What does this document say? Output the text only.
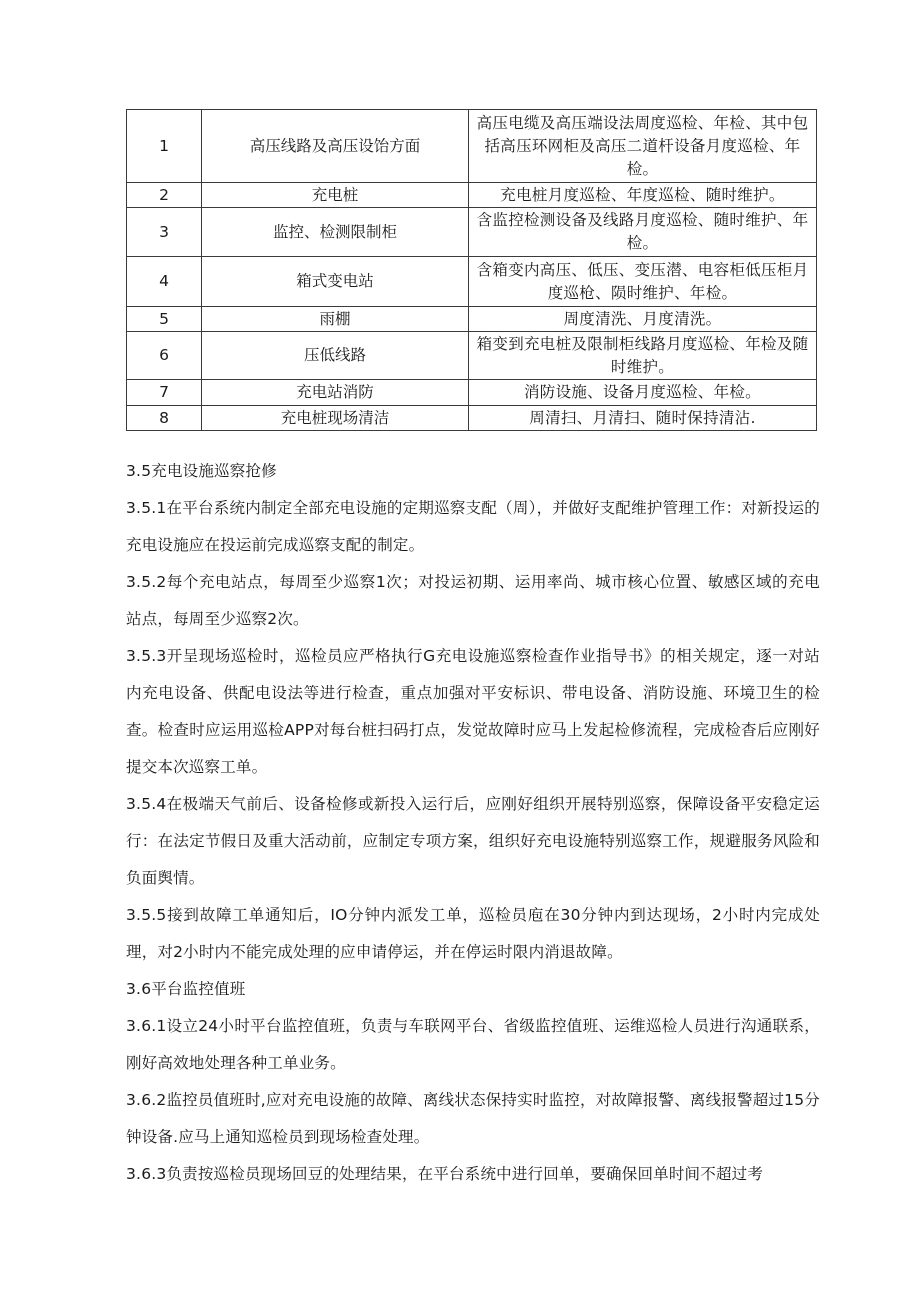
1	高压线路及高压设饴方面	高压电缆及高压端设法周度巡检、年检、其中包括高压环网柜及高压二道杆设备月度巡检、年检。
2	充电桩	充电桩月度巡检、年度巡检、随时维护。
3	监控、检测限制柜	含监控检测设备及线路月度巡检、随时维护、年检。
4	箱式变电站	含箱变内高压、低压、变压潜、电容柜低压柜月度巡枪、陨时维护、年检。
5	雨棚	周度清洗、月度清洗。
6	压低线路	箱变到充电桩及限制柜线路月度巡检、年检及随时维护。
7	充电站消防	消防设施、设备月度巡检、年检。
8	充电桩现场清洁	周清扫、月清扫、随时保持清沾.

3.5充电设施巡察抢修

3.5.1在平台系统内制定全部充电设施的定期巡察支配（周），并做好支配维护管理工作：对新投运的充电设施应在投运前完成巡察支配的制定。

3.5.2每个充电站点，每周至少巡察1次；对投运初期、运用率尚、城市核心位置、敏感区域的充电站点，每周至少巡察2次。

3.5.3开呈现场巡检时，巡检员应严格执行G充电设施巡察检查作业指导书》的相关规定，逐一对站内充电设备、供配电设法等进行检查，重点加强对平安标识、带电设备、消防设施、环境卫生的检查。检查时应运用巡检APP对每台桩扫码打点，发觉故障时应马上发起检修流程，完成检杳后应刚好提交本次巡察工单。

3.5.4在极端天气前后、设备检修或新投入运行后，应刚好组织开展特别巡察，保障设备平安稳定运行：在法定节假日及重大活动前，应制定专项方案，组织好充电设施特别巡察工作，规避服务风险和负面舆情。

3.5.5接到故障工单通知后，IO分钟内派发工单，巡检员庖在30分钟内到达现场，2小时内完成处理，对2小时内不能完成处理的应申请停运，并在停运时限内消退故障。

3.6平台监控值班

3.6.1设立24小时平台监控值班，负责与车联网平台、省级监控值班、运维巡检人员进行沟通联系，刚好高效地处理各种工单业务。

3.6.2监控员值班时,应对充电设施的故障、离线状态保持实时监控，对故障报警、离线报警超过15分钟设备.应马上通知巡检员到现场检查处理。

3.6.3负责按巡检员现场回豆的处理结果，在平台系统中进行回单，要确保回单时间不超过考
